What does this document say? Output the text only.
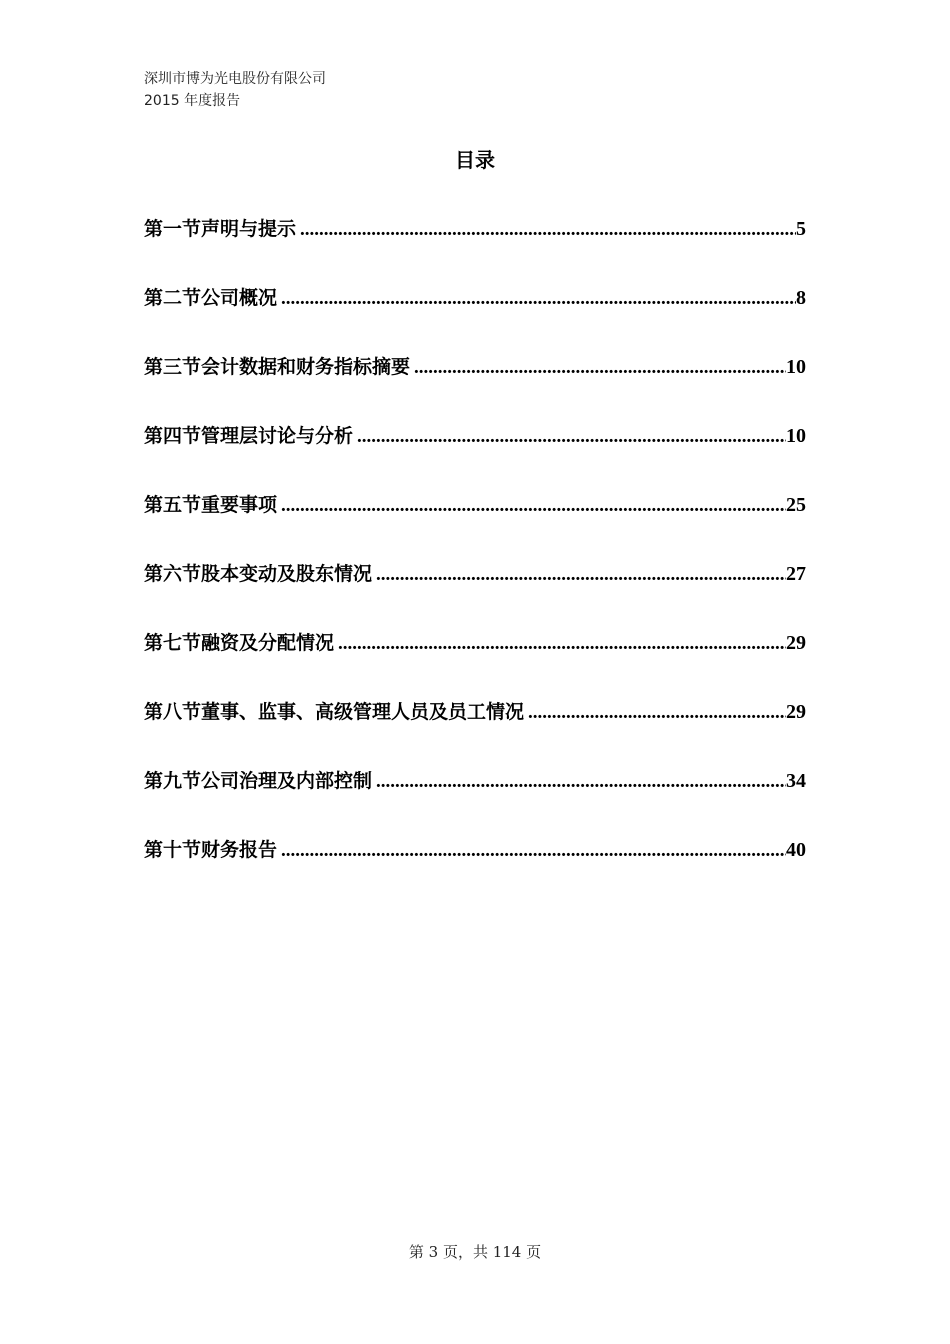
深圳市博为光电股份有限公司
2015 年度报告
目录
第一节声明与提示 .....	5
第二节公司概况 .....	8
第三节会计数据和财务指标摘要 .....	10
第四节管理层讨论与分析 .....	10
第五节重要事项 .....	25
第六节股本变动及股东情况 .....	27
第七节融资及分配情况 .....	29
第八节董事、监事、高级管理人员及员工情况 .....	29
第九节公司治理及内部控制 .....	34
第十节财务报告 .....	40
第 3 页，共 114 页
